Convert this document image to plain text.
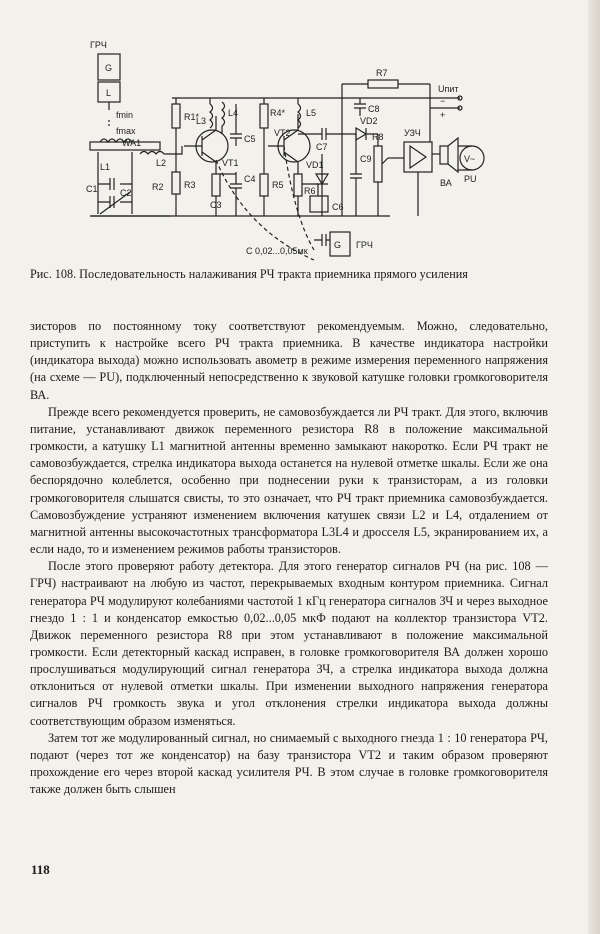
ГРЧ
G
L
fmin
fmax
WA1
L1	L2
C1 C2
R1*
R2 R3
L3
L4
C5
VT1
C4
C3
R4* L5
VT2
R5
R6
C6
R7
C8
C7
VD2
VD1
C9
R8 УЗЧ
ВА
V~
PU
Uпит
−
+
C 0,02...0,05мк
G ГРЧ
Рис. 108. Последовательность налаживания РЧ тракта приемника прямого усиления

зисторов по постоянному току соответствуют рекомендуемым. Можно, следовательно, приступить к настройке всего РЧ тракта приемника. В качестве индикатора настройки (индикатора выхода) можно использовать авометр в режиме измерения переменного напряжения (на схеме — PU), подключенный непосредственно к звуковой катушке головки громкоговорителя ВА.

Прежде всего рекомендуется проверить, не самовозбуждается ли РЧ тракт. Для этого, включив питание, устанавливают движок переменного резистора R8 в положение максимальной громкости, а катушку L1 магнитной антенны временно замыкают накоротко. Если РЧ тракт не самовозбуждается, стрелка индикатора выхода останется на нулевой отметке шкалы. Если же она беспорядочно колеблется, особенно при поднесении руки к транзисторам, а из головки громкоговорителя слышатся свисты, то это означает, что РЧ тракт приемника самовозбуждается. Самовозбуждение устраняют изменением включения катушек связи L2 и L4, отдалением от магнитной антенны высокочастотных трансформатора L3L4 и дросселя L5, экранированием их, а если надо, то и изменением режимов работы транзисторов.

После этого проверяют работу детектора. Для этого генератор сигналов РЧ (на рис. 108 — ГРЧ) настраивают на любую из частот, перекрываемых входным контуром приемника. Сигнал генератора РЧ модулируют колебаниями частотой 1 кГц генератора сигналов ЗЧ и через выходное гнездо 1 : 1 и конденсатор емкостью 0,02...0,05 мкФ подают на коллектор транзистора VT2. Движок переменного резистора R8 при этом устанавливают в положение максимальной громкости. Если детекторный каскад исправен, в головке громкоговорителя ВА должен хорошо прослушиваться модулирующий сигнал генератора ЗЧ, а стрелка индикатора выхода должна отклониться от нулевой отметки шкалы. При изменении выходного напряжения генератора сигналов РЧ громкость звука и угол отклонения стрелки индикатора выхода должны соответствующим образом изменяться.

Затем тот же модулированный сигнал, но снимаемый с выходного гнезда 1 : 10 генератора РЧ, подают (через тот же конденсатор) на базу транзистора VT2 и таким образом проверяют прохождение его через второй каскад усилителя РЧ. В этом случае в головке громкоговорителя также должен быть слышен

118
